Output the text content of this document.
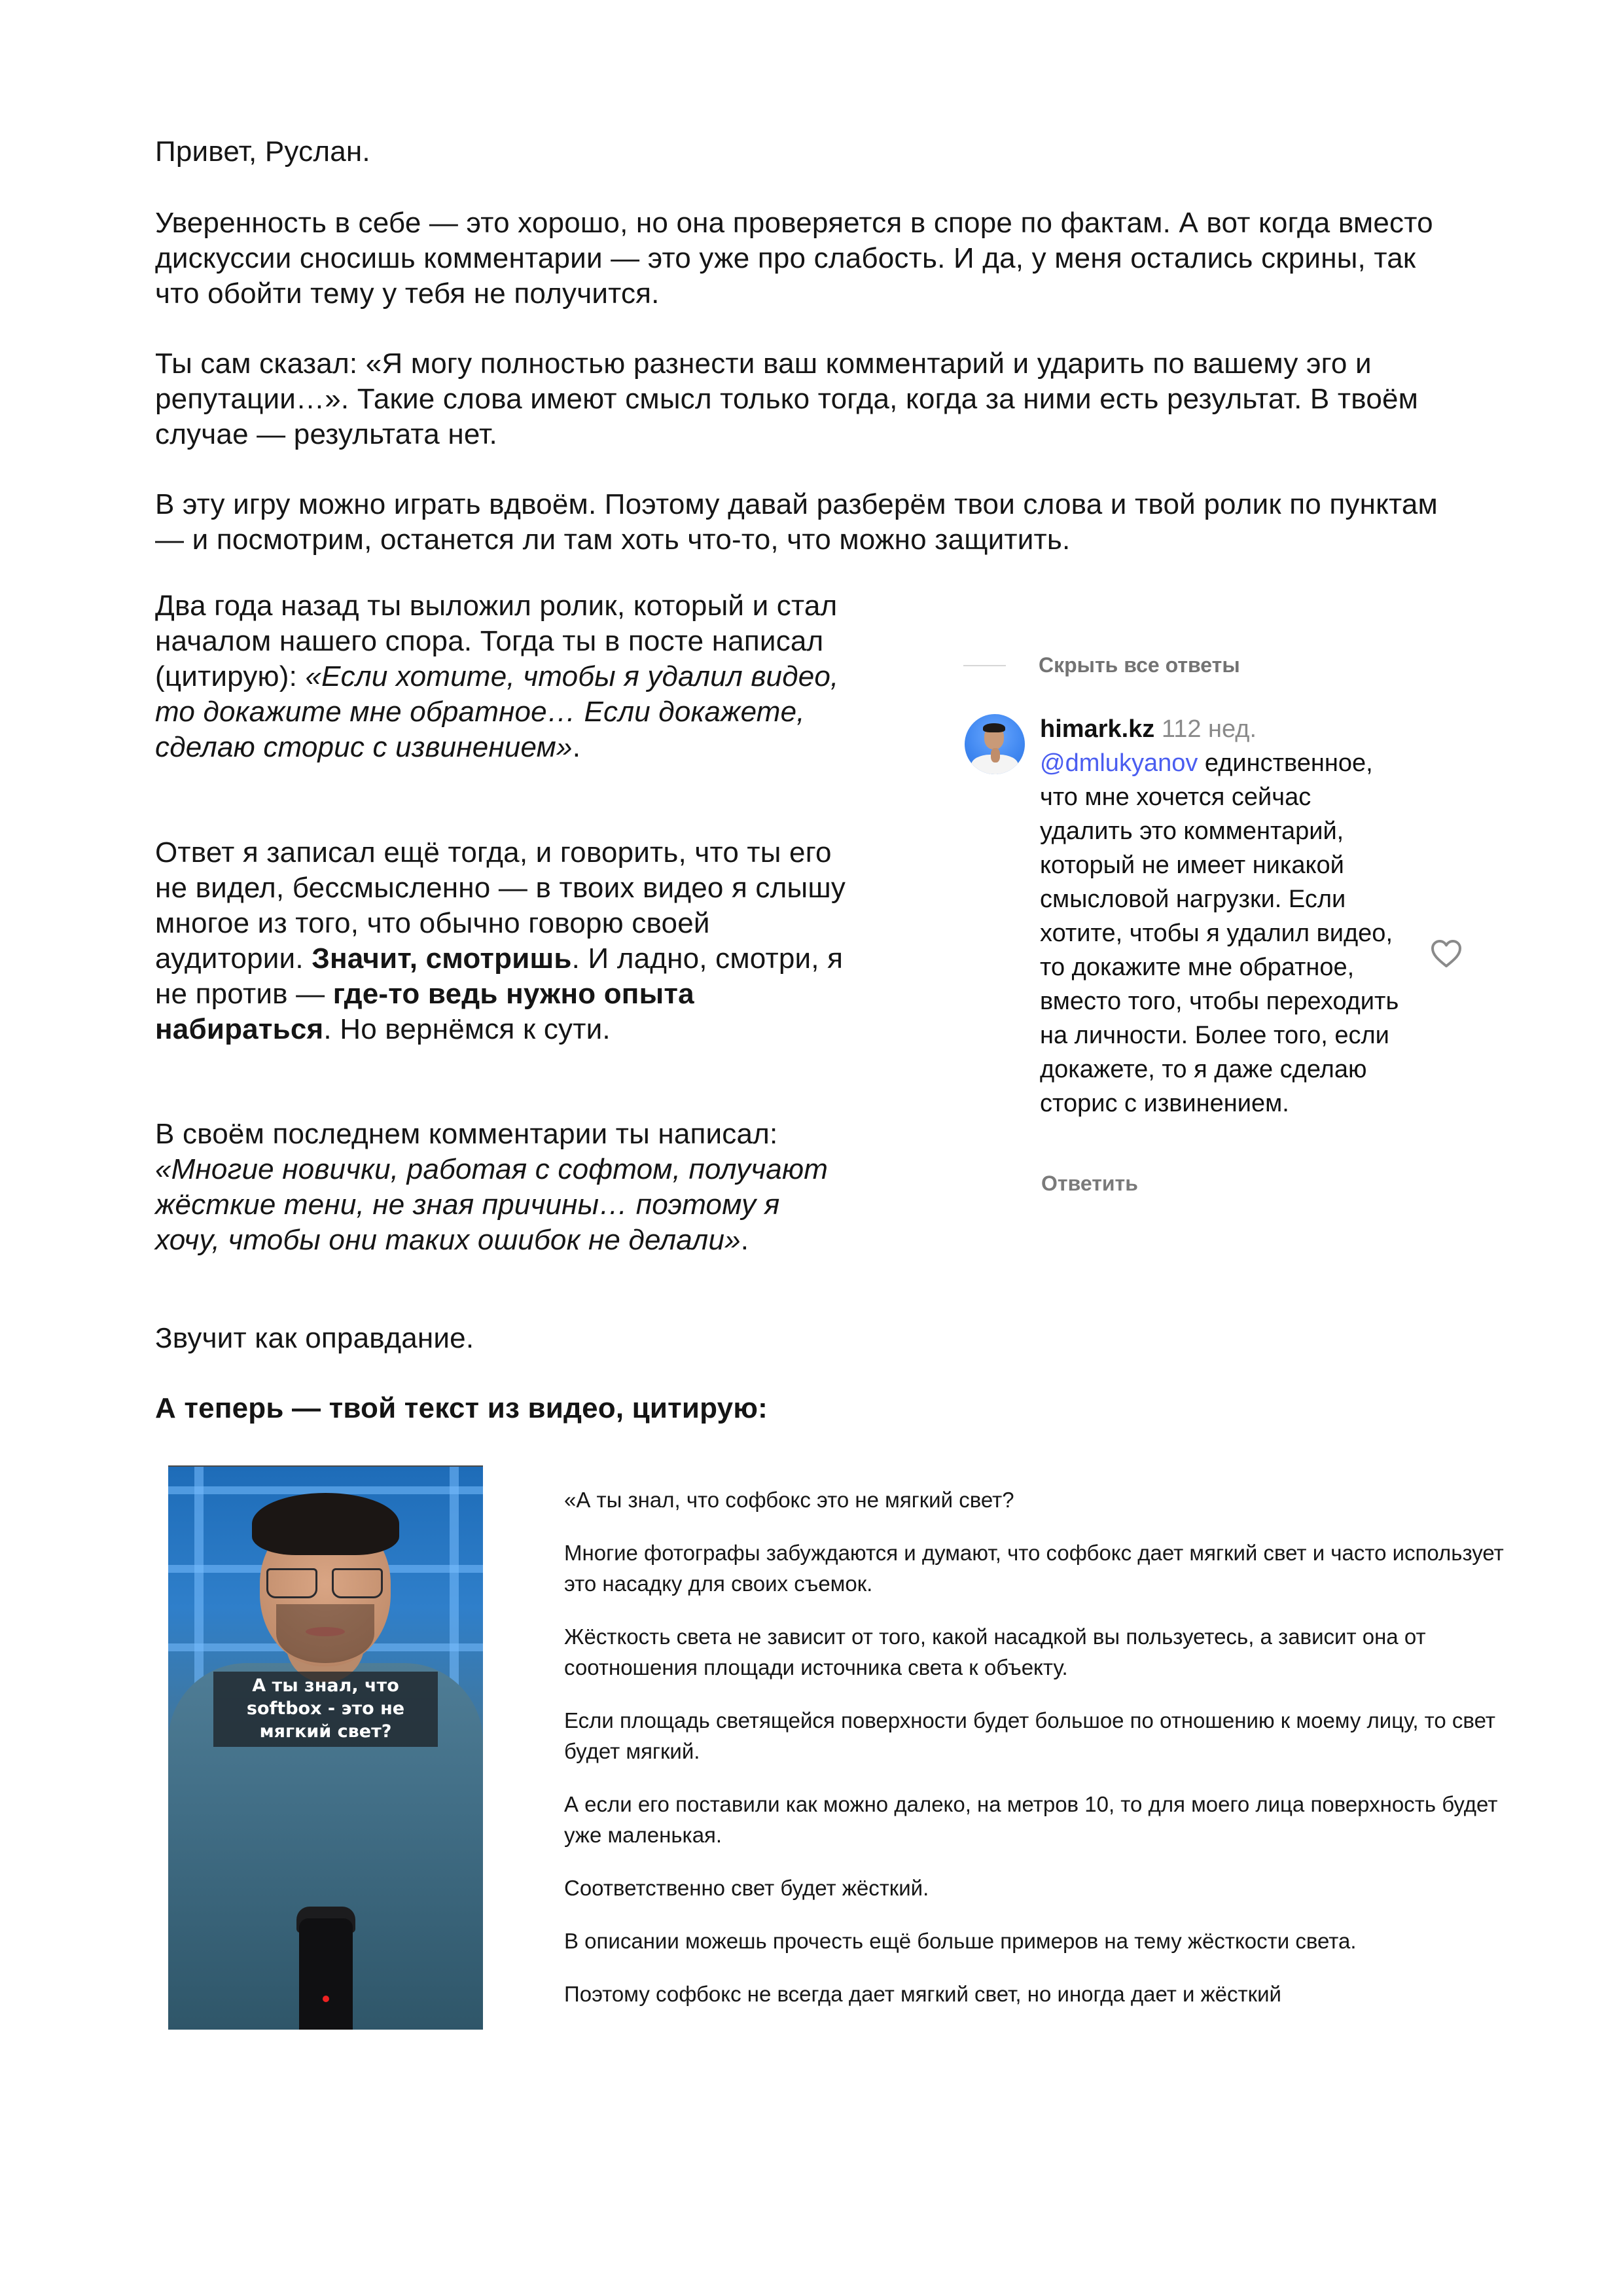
Привет, Руслан.

Уверенность в себе — это хорошо, но она проверяется в споре по фактам. А вот когда вместо дискуссии сносишь комментарии — это уже про слабость. И да, у меня остались скрины, так что обойти тему у тебя не получится.

Ты сам сказал: «Я могу полностью разнести ваш комментарий и ударить по вашему эго и репутации…». Такие слова имеют смысл только тогда, когда за ними есть результат. В твоём случае — результата нет.

В эту игру можно играть вдвоём. Поэтому давай разберём твои слова и твой ролик по пунктам — и посмотрим, останется ли там хоть что-то, что можно защитить.

Два года назад ты выложил ролик, который и стал началом нашего спора. Тогда ты в посте написал (цитирую): «Если хотите, чтобы я удалил видео, то докажите мне обратное… Если докажете, сделаю сторис с извинением».

Ответ я записал ещё тогда, и говорить, что ты его не видел, бессмысленно — в твоих видео я слышу многое из того, что обычно говорю своей аудитории. Значит, смотришь. И ладно, смотри, я не против — где-то ведь нужно опыта набираться. Но вернёмся к сути.

В своём последнем комментарии ты написал: «Многие новички, работая с софтом, получают жёсткие тени, не зная причины… поэтому я хочу, чтобы они таких ошибок не делали».

Звучит как оправдание.

А теперь — твой текст из видео, цитирую:

Скрыть все ответы
himark.kz 112 нед.
@dmlukyanov единственное, что мне хочется сейчас удалить это комментарий, который не имеет никакой смысловой нагрузки. Если хотите, чтобы я удалил видео, то докажите мне обратное, вместо того, чтобы переходить на личности. Более того, если докажете, то я даже сделаю сторис с извинением.
Ответить
А ты знал, что softbox - это не мягкий свет?

«А ты знал, что софбокс это не мягкий свет?

Многие фотографы забуждаются и думают, что софбокс дает мягкий свет и часто использует это насадку для своих съемок.

Жёсткость света не зависит от того, какой насадкой вы пользуетесь, а зависит она от соотношения площади источника света к объекту.

Если площадь светящейся поверхности будет большое по отношению к моему лицу, то свет будет мягкий.

А если его поставили как можно далеко, на метров 10, то для моего лица поверхность будет уже маленькая.

Соответственно свет будет жёсткий.

В описании можешь прочесть ещё больше примеров на тему жёсткости света.

Поэтому софбокс не всегда дает мягкий свет, но иногда дает и жёсткий
